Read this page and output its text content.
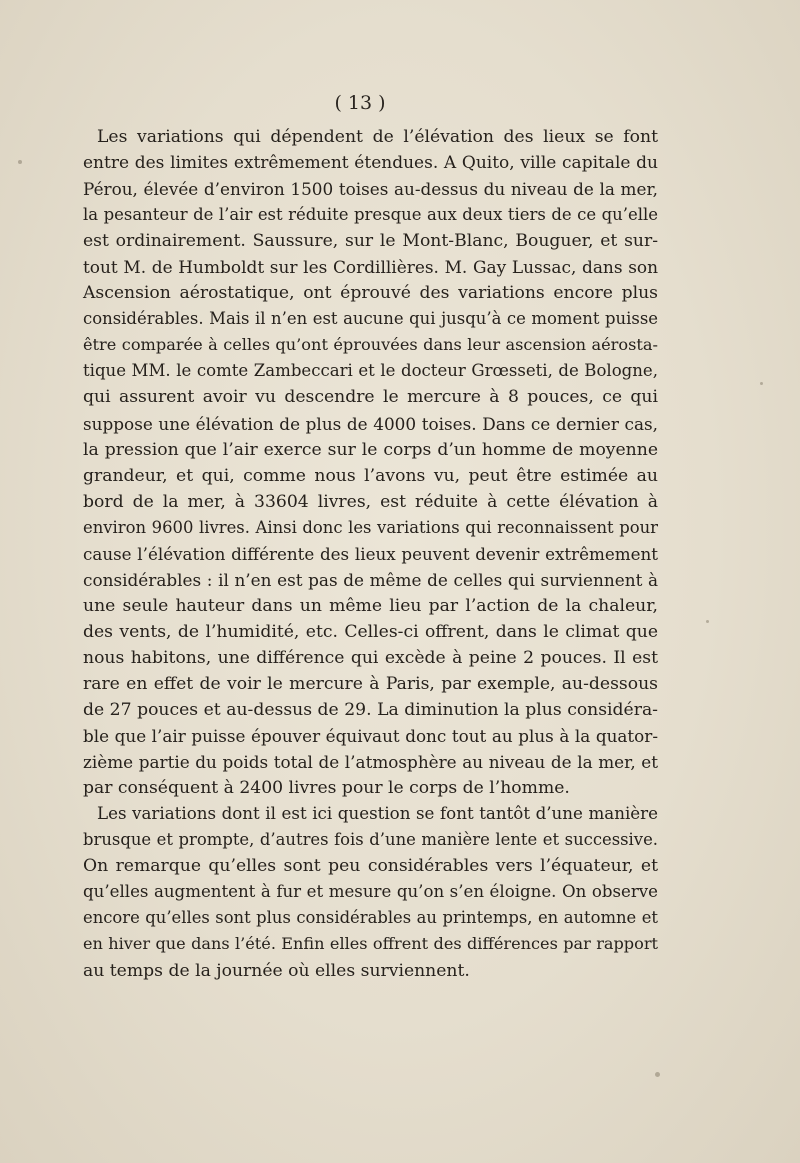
( 13 )
Les variations qui dépendent de l’élévation des lieux se font
entre des limites extrêmement étendues. A Quito, ville capitale du
Pérou, élevée d’environ 1500 toises au-dessus du niveau de la mer,
la pesanteur de l’air est réduite presque aux deux tiers de ce qu’elle
est ordinairement. Saussure, sur le Mont-Blanc, Bouguer, et sur-
tout M. de Humboldt sur les Cordillières. M. Gay Lussac, dans son
Ascension aérostatique, ont éprouvé des variations encore plus
considérables. Mais il n’en est aucune qui jusqu’à ce moment puisse
être comparée à celles qu’ont éprouvées dans leur ascension aérosta-
tique MM. le comte Zambeccari et le docteur Grœsseti, de Bologne,
qui assurent avoir vu descendre le mercure à 8 pouces, ce qui
suppose une élévation de plus de 4000 toises. Dans ce dernier cas,
la pression que l’air exerce sur le corps d’un homme de moyenne
grandeur, et qui, comme nous l’avons vu, peut être estimée au
bord de la mer, à 33604 livres, est réduite à cette élévation à
environ 9600 livres. Ainsi donc les variations qui reconnaissent pour
cause l’élévation différente des lieux peuvent devenir extrêmement
considérables : il n’en est pas de même de celles qui surviennent à
une seule hauteur dans un même lieu par l’action de la chaleur,
des vents, de l’humidité, etc. Celles-ci offrent, dans le climat que
nous habitons, une différence qui excède à peine 2 pouces. Il est
rare en effet de voir le mercure à Paris, par exemple, au-dessous
de 27 pouces et au-dessus de 29. La diminution la plus considéra-
ble que l’air puisse épouver équivaut donc tout au plus à la quator-
zième partie du poids total de l’atmosphère au niveau de la mer, et
par conséquent à 2400 livres pour le corps de l’homme.
Les variations dont il est ici question se font tantôt d’une manière
brusque et prompte, d’autres fois d’une manière lente et successive.
On remarque qu’elles sont peu considérables vers l’équateur, et
qu’elles augmentent à fur et mesure qu’on s’en éloigne. On observe
encore qu’elles sont plus considérables au printemps, en automne et
en hiver que dans l’été. Enfin elles offrent des différences par rapport
au temps de la journée où elles surviennent.
